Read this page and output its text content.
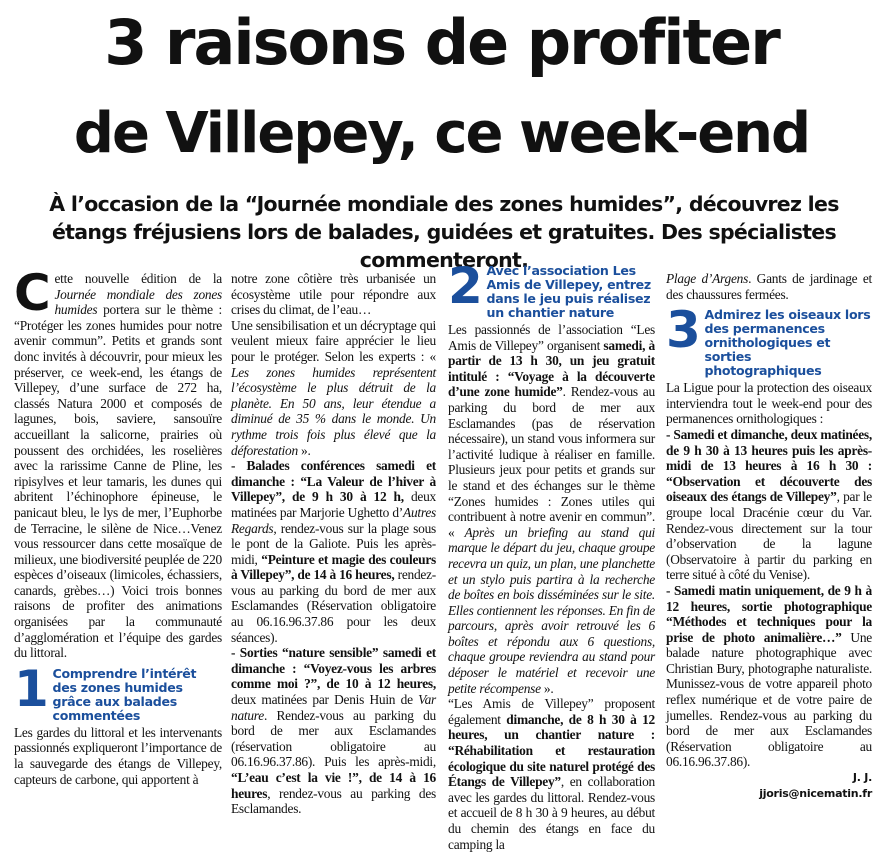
3 raisons de profiter
de Villepey, ce week-end

À l’occasion de la “Journée mondiale des zones humides”, découvrez les étangs fréjusiens lors de balades, guidées et gratuites. Des spécialistes commenteront.

Cette nouvelle édition de la Journée mondiale des zones humides portera sur le thème : “Protéger les zones humides pour notre avenir commun”. Petits et grands sont donc invités à découvrir, pour mieux les préserver, ce week-end, les étangs de Villepey, d’une surface de 272 ha, classés Natura 2000 et composés de lagunes, bois, saviere, sansouïre accueillant la salicorne, prairies où poussent des orchidées, les roselières avec la rarissime Canne de Pline, les ripisylves et leur tamaris, les dunes qui abritent l’échinophore épineuse, le panicaut bleu, le lys de mer, l’Euphorbe de Terracine, le silène de Nice…Venez vous ressourcer dans cette mosaïque de milieux, une biodiversité peuplée de 220 espèces d’oiseaux (limicoles, échassiers, canards, grèbes…) Voici trois bonnes raisons de profiter des animations organisées par la communauté d’agglomération et l’équipe des gardes du littoral.

1 Comprendre l’intérêt des zones humides grâce aux balades commentées

Les gardes du littoral et les intervenants passionnés expliqueront l’importance de la sauvegarde des étangs de Villepey, capteurs de carbone, qui apportent à

notre zone côtière très urbanisée un écosystème utile pour répondre aux crises du climat, de l’eau…

Une sensibilisation et un décryptage qui veulent mieux faire apprécier le lieu pour le protéger. Selon les experts : « Les zones humides représentent l’écosystème le plus détruit de la planète. En 50 ans, leur étendue a diminué de 35 % dans le monde. Un rythme trois fois plus élevé que la déforestation ».

- Balades conférences samedi et dimanche : “La Valeur de l’hiver à Villepey”, de 9 h 30 à 12 h, deux matinées par Marjorie Ughetto d’Autres Regards, rendez-vous sur la plage sous le pont de la Galiote. Puis les après-midi, “Peinture et magie des couleurs à Villepey”, de 14 à 16 heures, rendez-vous au parking du bord de mer aux Esclamandes (Réservation obligatoire au 06.16.96.37.86 pour les deux séances).

- Sorties “nature sensible” samedi et dimanche : “Voyez-vous les arbres comme moi ?”, de 10 à 12 heures, deux matinées par Denis Huin de Var nature. Rendez-vous au parking du bord de mer aux Esclamandes (réservation obligatoire au 06.16.96.37.86). Puis les après-midi, “L’eau c’est la vie !”, de 14 à 16 heures, rendez-vous au parking des Esclamandes.

2 Avec l’association Les Amis de Villepey, entrez dans le jeu puis réalisez un chantier nature

Les passionnés de l’association “Les Amis de Villepey” organisent samedi, à partir de 13 h 30, un jeu gratuit intitulé : “Voyage à la découverte d’une zone humide”. Rendez-vous au parking du bord de mer aux Esclamandes (pas de réservation nécessaire), un stand vous informera sur l’activité ludique à réaliser en famille. Plusieurs jeux pour petits et grands sur le stand et des échanges sur le thème “Zones humides : Zones utiles qui contribuent à notre avenir en commun”. « Après un briefing au stand qui marque le départ du jeu, chaque groupe recevra un quiz, un plan, une planchette et un stylo puis partira à la recherche de boîtes en bois disséminées sur le site. Elles contiennent les réponses. En fin de parcours, après avoir retrouvé les 6 boîtes et répondu aux 6 questions, chaque groupe reviendra au stand pour déposer le matériel et recevoir une petite récompense ».

“Les Amis de Villepey” proposent également dimanche, de 8 h 30 à 12 heures, un chantier nature : “Réhabilitation et restauration écologique du site naturel protégé des Étangs de Villepey”, en collaboration avec les gardes du littoral. Rendez-vous et accueil de 8 h 30 à 9 heures, au début du chemin des étangs en face du camping la

Plage d’Argens. Gants de jardinage et des chaussures fermées.

3 Admirez les oiseaux lors des permanences ornithologiques et sorties photographiques

La Ligue pour la protection des oiseaux interviendra tout le week-end pour des permanences ornithologiques :

- Samedi et dimanche, deux matinées, de 9 h 30 à 13 heures puis les après-midi de 13 heures à 16 h 30 : “Observation et découverte des oiseaux des étangs de Villepey”, par le groupe local Dracénie cœur du Var. Rendez-vous directement sur la tour d’observation de la lagune (Observatoire à partir du parking en terre situé à côté du Venise).

- Samedi matin uniquement, de 9 h à 12 heures, sortie photographique “Méthodes et techniques pour la prise de photo animalière…” Une balade nature photographique avec Christian Bury, photographe naturaliste. Munissez-vous de votre appareil photo reflex numérique et de votre paire de jumelles. Rendez-vous au parking du bord de mer aux Esclamandes (Réservation obligatoire au 06.16.96.37.86).

J. J.
jjoris@nicematin.fr
